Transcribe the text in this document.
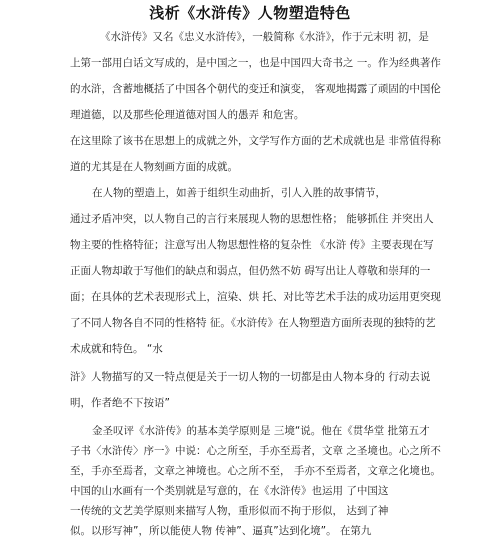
浅析《水浒传》人物塑造特色
《水浒传》又名《忠义水浒传》，一般简称《水浒》，作于元末明 初，是
上第一部用白话文写成的，是中国之一，也是中国四大奇书之 一。作为经典著作
的水浒，含蓄地概括了中国各个朝代的变迁和演变， 客观地揭露了顽固的中国伦
理道德，以及那些伦理道德对国人的愚弄 和危害。
在这里除了该书在思想上的成就之外，文学写作方面的艺术成就也是 非常值得称
道的尤其是在人物刻画方面的成就。
在人物的塑造上，如善于组织生动曲折，引人入胜的故事情节，
通过矛盾冲突，以人物自己的言行来展现人物的思想性格； 能够抓住 并突出人
物主要的性格特征；注意写出人物思想性格的复杂性 《水浒 传》主要表现在写
正面人物却敢于写他们的缺点和弱点，但仍然不妨 碍写出让人尊敬和崇拜的一
面；在具体的艺术表现形式上，渲染、烘 托、对比等艺术手法的成功运用更突现
了不同人物各自不同的性格特 征。《水浒传》在人物塑造方面所表现的独特的艺
术成就和特色。 “水
浒》人物描写的又一特点便是关于一切人物的一切都是由人物本身的 行动去说
明，作者绝不下按语”
金圣叹评《水浒传》的基本美学原则是 三境“说。他在《贯华堂 批第五才
子书〈水浒传〉序一》中说：心之所至，手亦至焉者，文章 之圣境也。心之所不
至，手亦至焉者，文章之神境也。心之所不至， 手亦不至焉者，文章之化境也。
中国的山水画有一个类别就是写意的，在《水浒传》也运用 了中国这
一传统的文艺美学原则来描写人物，重形似而不拘于形似， 达到了神
似。以形写神”，所以能使人物 传神”、逼真”达到化境”。 在第九
